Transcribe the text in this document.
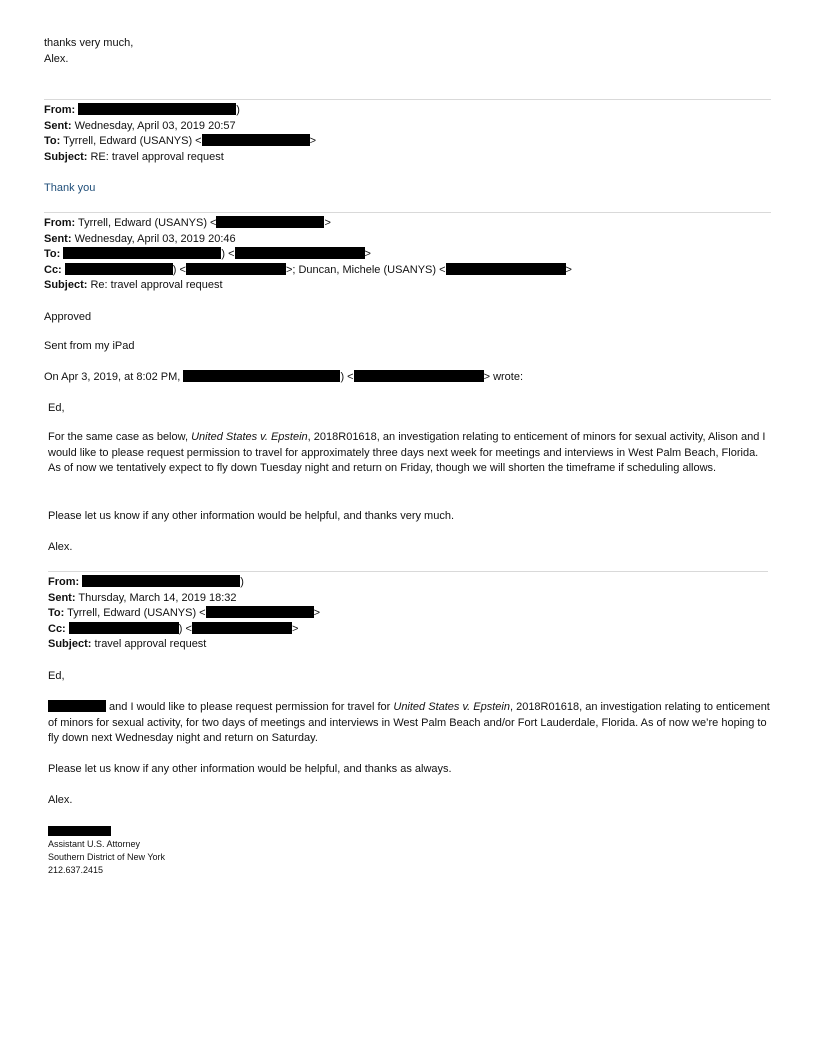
thanks very much,
Alex.
From:	)
Sent: Wednesday, April 03, 2019 20:57
To: Tyrrell, Edward (USANYS) <	>
Subject: RE: travel approval request
Thank you
From: Tyrrell, Edward (USANYS) <	>
Sent: Wednesday, April 03, 2019 20:46
To:	) <	>
Cc:	) <	>; Duncan, Michele (USANYS) <	>
Subject: Re: travel approval request
Approved
Sent from my iPad
On Apr 3, 2019, at 8:02 PM,	) <	> wrote:
Ed,
For the same case as below, United States v. Epstein, 2018R01618, an investigation relating to enticement of minors for sexual activity, Alison and I would like to please request permission to travel for approximately three days next week for meetings and interviews in West Palm Beach, Florida. As of now we tentatively expect to fly down Tuesday night and return on Friday, though we will shorten the timeframe if scheduling allows.
Please let us know if any other information would be helpful, and thanks very much.
Alex.
From:	)
Sent: Thursday, March 14, 2019 18:32
To: Tyrrell, Edward (USANYS) <	>
Cc:	) <	>
Subject: travel approval request
Ed,
and I would like to please request permission for travel for United States v. Epstein, 2018R01618, an investigation relating to enticement of minors for sexual activity, for two days of meetings and interviews in West Palm Beach and/or Fort Lauderdale, Florida. As of now we’re hoping to fly down next Wednesday night and return on Saturday.
Please let us know if any other information would be helpful, and thanks as always.
Alex.
Assistant U.S. Attorney
Southern District of New York
212.637.2415
